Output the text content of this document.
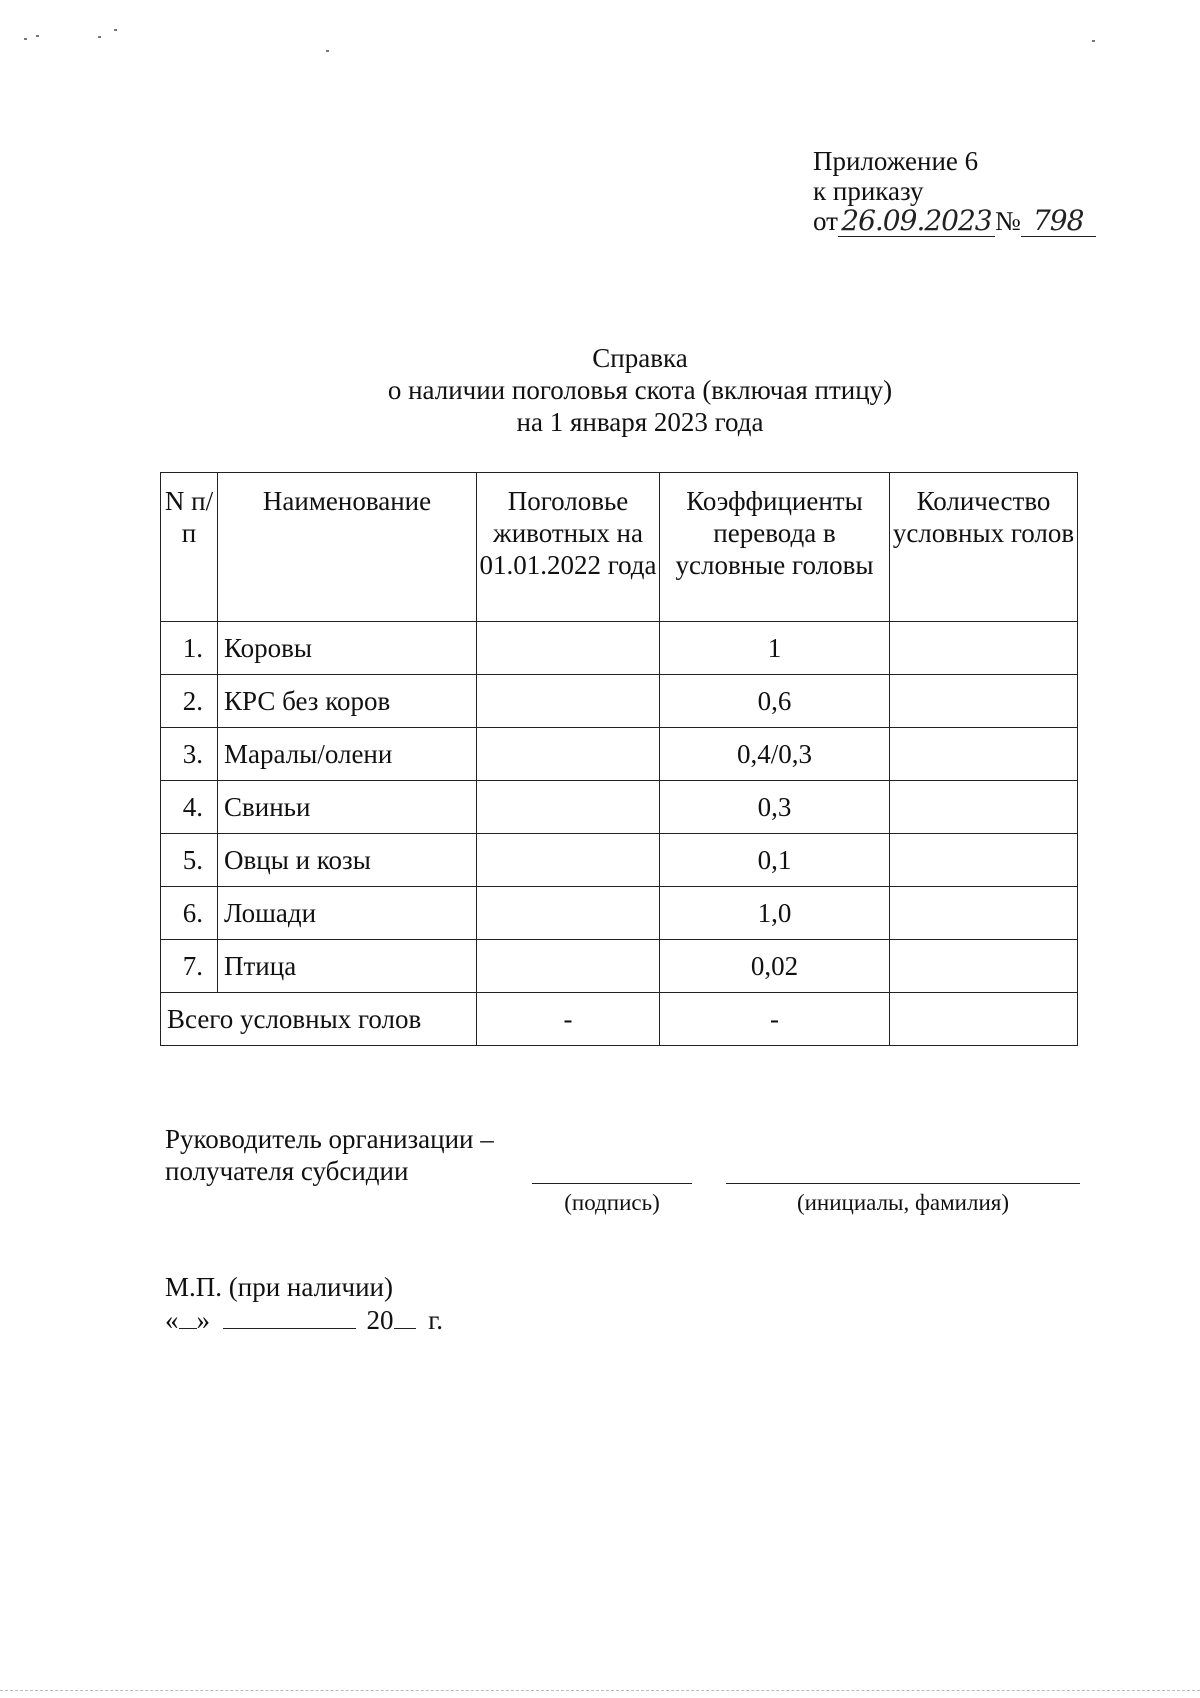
Приложение 6
к приказу
от 26.09.2023 № 798
Справка
о наличии поголовья скота (включая птицу)
на 1 января 2023 года
N п/п	Наименование	Поголовье животных на 01.01.2022 года	Коэффициенты перевода в условные головы	Количество условных голов
1.	Коровы		1	
2.	КРС без коров		0,6	
3.	Маралы/олени		0,4/0,3	
4.	Свиньи		0,3	
5.	Овцы и козы		0,1	
6.	Лошади		1,0	
7.	Птица		0,02	
Всего условных голов		-	-	
Руководитель организации –
получателя субсидии
(подпись)	(инициалы, фамилия)
М.П. (при наличии)
« »	20 г.
